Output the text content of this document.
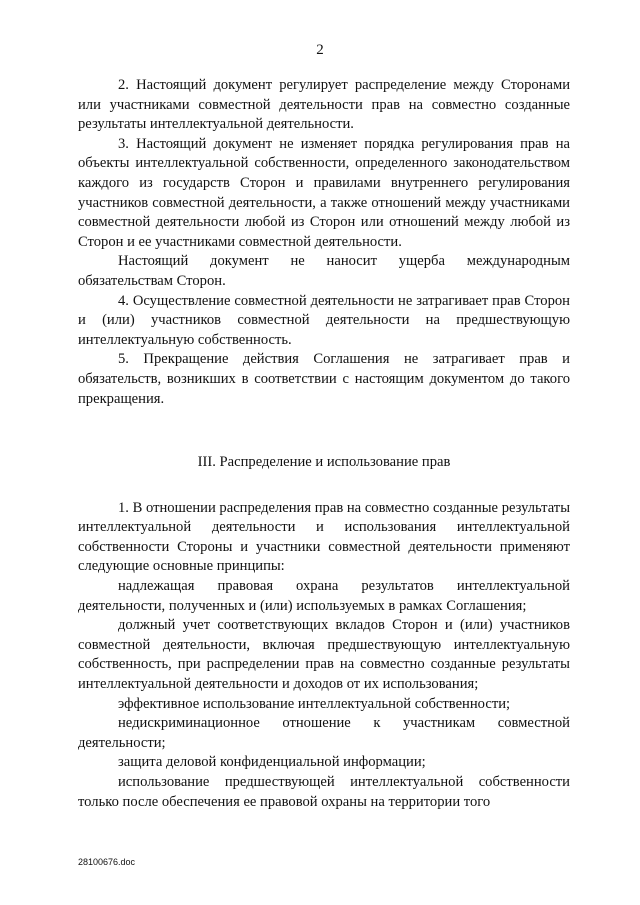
2

2. Настоящий документ регулирует распределение между Сторонами или участниками совместной деятельности прав на совместно созданные результаты интеллектуальной деятельности.

3. Настоящий документ не изменяет порядка регулирования прав на объекты интеллектуальной собственности, определенного законодательством каждого из государств Сторон и правилами внутреннего регулирования участников совместной деятельности, а также отношений между участниками совместной деятельности любой из Сторон или отношений между любой из Сторон и ее участниками совместной деятельности.

Настоящий документ не наносит ущерба международным обязательствам Сторон.

4. Осуществление совместной деятельности не затрагивает прав Сторон и (или) участников совместной деятельности на предшествующую интеллектуальную собственность.

5. Прекращение действия Соглашения не затрагивает прав и обязательств, возникших в соответствии с настоящим документом до такого прекращения.

III. Распределение и использование прав

1. В отношении распределения прав на совместно созданные результаты интеллектуальной деятельности и использования интеллектуальной собственности Стороны и участники совместной деятельности применяют следующие основные принципы:

надлежащая правовая охрана результатов интеллектуальной деятельности, полученных и (или) используемых в рамках Соглашения;

должный учет соответствующих вкладов Сторон и (или) участников совместной деятельности, включая предшествующую интеллектуальную собственность, при распределении прав на совместно созданные результаты интеллектуальной деятельности и доходов от их использования;

эффективное использование интеллектуальной собственности;

недискриминационное отношение к участникам совместной деятельности;

защита деловой конфиденциальной информации;

использование предшествующей интеллектуальной собственности только после обеспечения ее правовой охраны на территории того

28100676.doc
